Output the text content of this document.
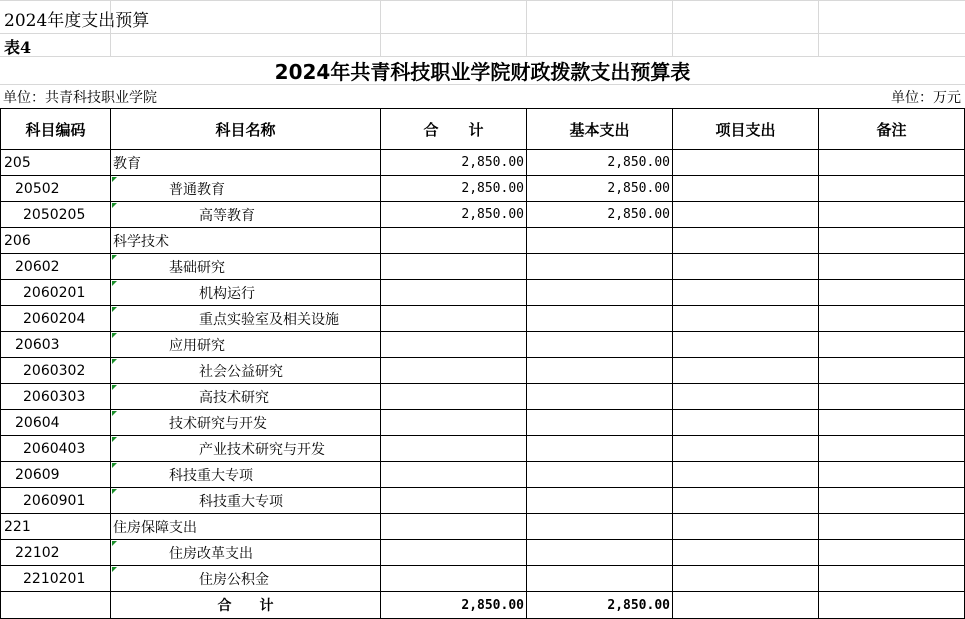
2024年度支出预算
表4
2024年共青科技职业学院财政拨款支出预算表
单位：共青科技职业学院	单位：万元
科目编码	科目名称	合　　计	基本支出	项目支出	备注
205	教育	2,850.00	2,850.00		
20502	普通教育	2,850.00	2,850.00		
2050205	高等教育	2,850.00	2,850.00		
206	科学技术				
20602	基础研究				
2060201	机构运行				
2060204	重点实验室及相关设施				
20603	应用研究				
2060302	社会公益研究				
2060303	高技术研究				
20604	技术研究与开发				
2060403	产业技术研究与开发				
20609	科技重大专项				
2060901	科技重大专项				
221	住房保障支出				
22102	住房改革支出				
2210201	住房公积金				
	合　　计	2,850.00	2,850.00		
